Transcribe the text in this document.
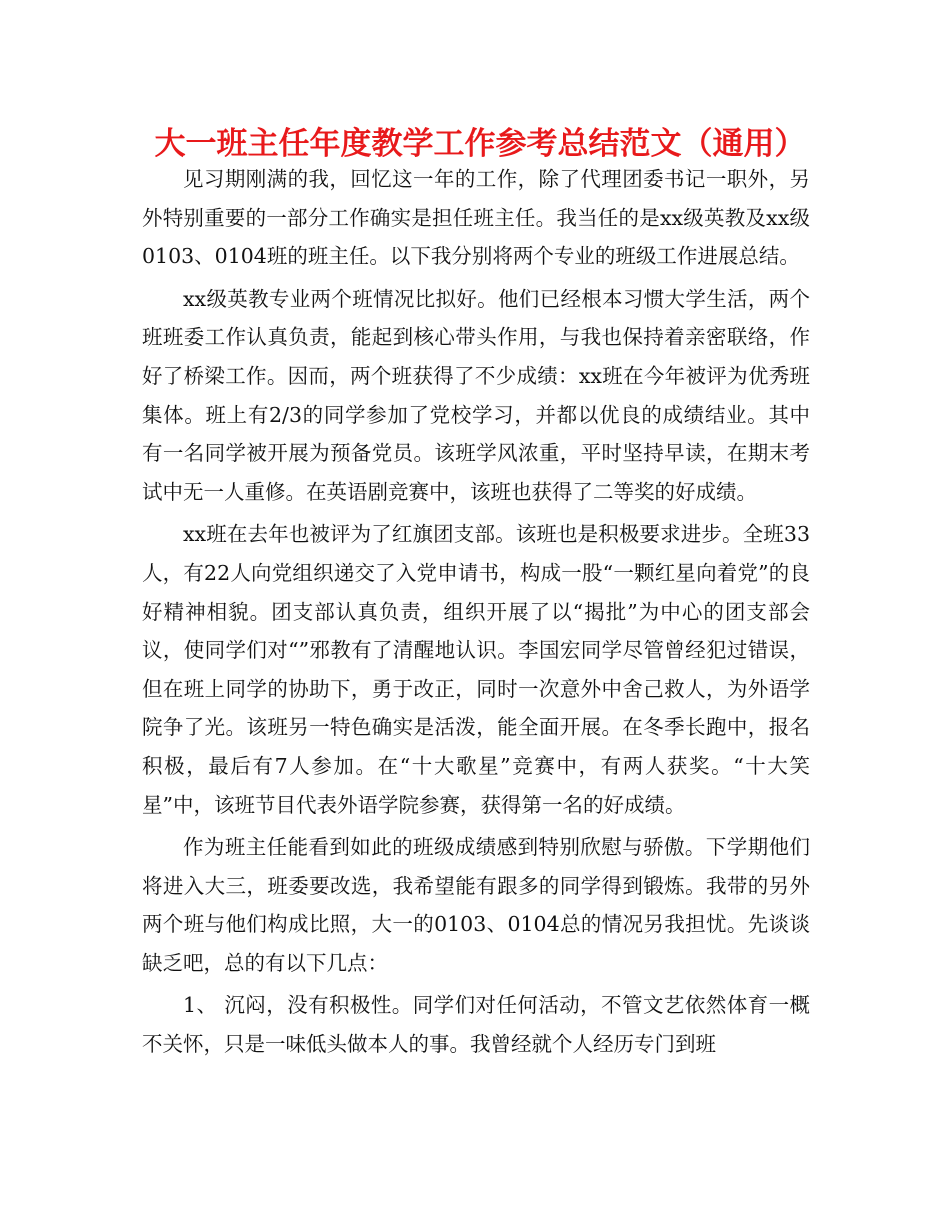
大一班主任年度教学工作参考总结范文（通用）

见习期刚满的我，回忆这一年的工作，除了代理团委书记一职外，另外特别重要的一部分工作确实是担任班主任。我当任的是xx级英教及xx级0103、0104班的班主任。以下我分别将两个专业的班级工作进展总结。

xx级英教专业两个班情况比拟好。他们已经根本习惯大学生活，两个班班委工作认真负责，能起到核心带头作用，与我也保持着亲密联络，作好了桥梁工作。因而，两个班获得了不少成绩：xx班在今年被评为优秀班集体。班上有2/3的同学参加了党校学习，并都以优良的成绩结业。其中有一名同学被开展为预备党员。该班学风浓重，平时坚持早读，在期末考试中无一人重修。在英语剧竞赛中，该班也获得了二等奖的好成绩。

xx班在去年也被评为了红旗团支部。该班也是积极要求进步。全班33人，有22人向党组织递交了入党申请书，构成一股“一颗红星向着党”的良好精神相貌。团支部认真负责，组织开展了以“揭批”为中心的团支部会议，使同学们对“”邪教有了清醒地认识。李国宏同学尽管曾经犯过错误，但在班上同学的协助下，勇于改正，同时一次意外中舍己救人，为外语学院争了光。该班另一特色确实是活泼，能全面开展。在冬季长跑中，报名积极，最后有7人参加。在“十大歌星”竞赛中，有两人获奖。“十大笑星”中，该班节目代表外语学院参赛，获得第一名的好成绩。

作为班主任能看到如此的班级成绩感到特别欣慰与骄傲。下学期他们将进入大三，班委要改选，我希望能有跟多的同学得到锻炼。我带的另外两个班与他们构成比照，大一的0103、0104总的情况另我担忧。先谈谈缺乏吧，总的有以下几点：

1、 沉闷，没有积极性。同学们对任何活动，不管文艺依然体育一概不关怀，只是一味低头做本人的事。我曾经就个人经历专门到班
